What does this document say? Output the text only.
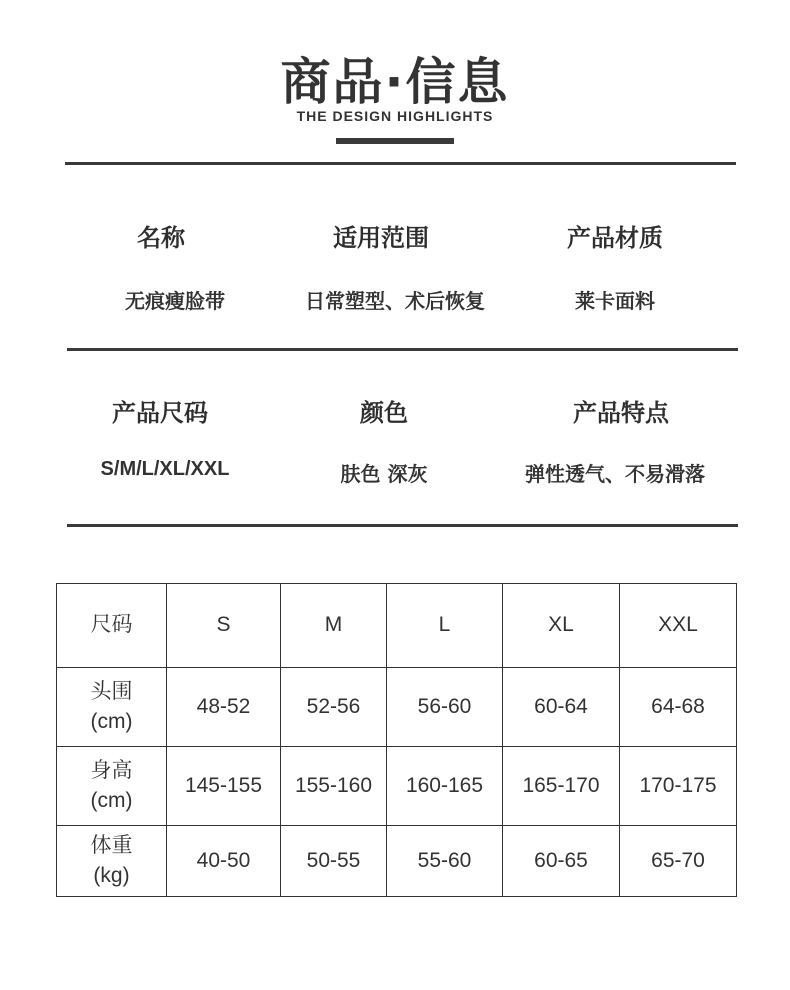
商品·信息
THE DESIGN HIGHLIGHTS
名称
无痕瘦脸带
适用范围
日常塑型、术后恢复
产品材质
莱卡面料
产品尺码
S/M/L/XL/XXL
颜色
肤色 深灰
产品特点
弹性透气、不易滑落
尺码	S	M	L	XL	XXL

头围
(cm)	48-52	52-56	56-60	60-64	64-68

身高
(cm)	145-155	155-160	160-165	165-170	170-175

体重
(kg)	40-50	50-55	55-60	60-65	65-70
